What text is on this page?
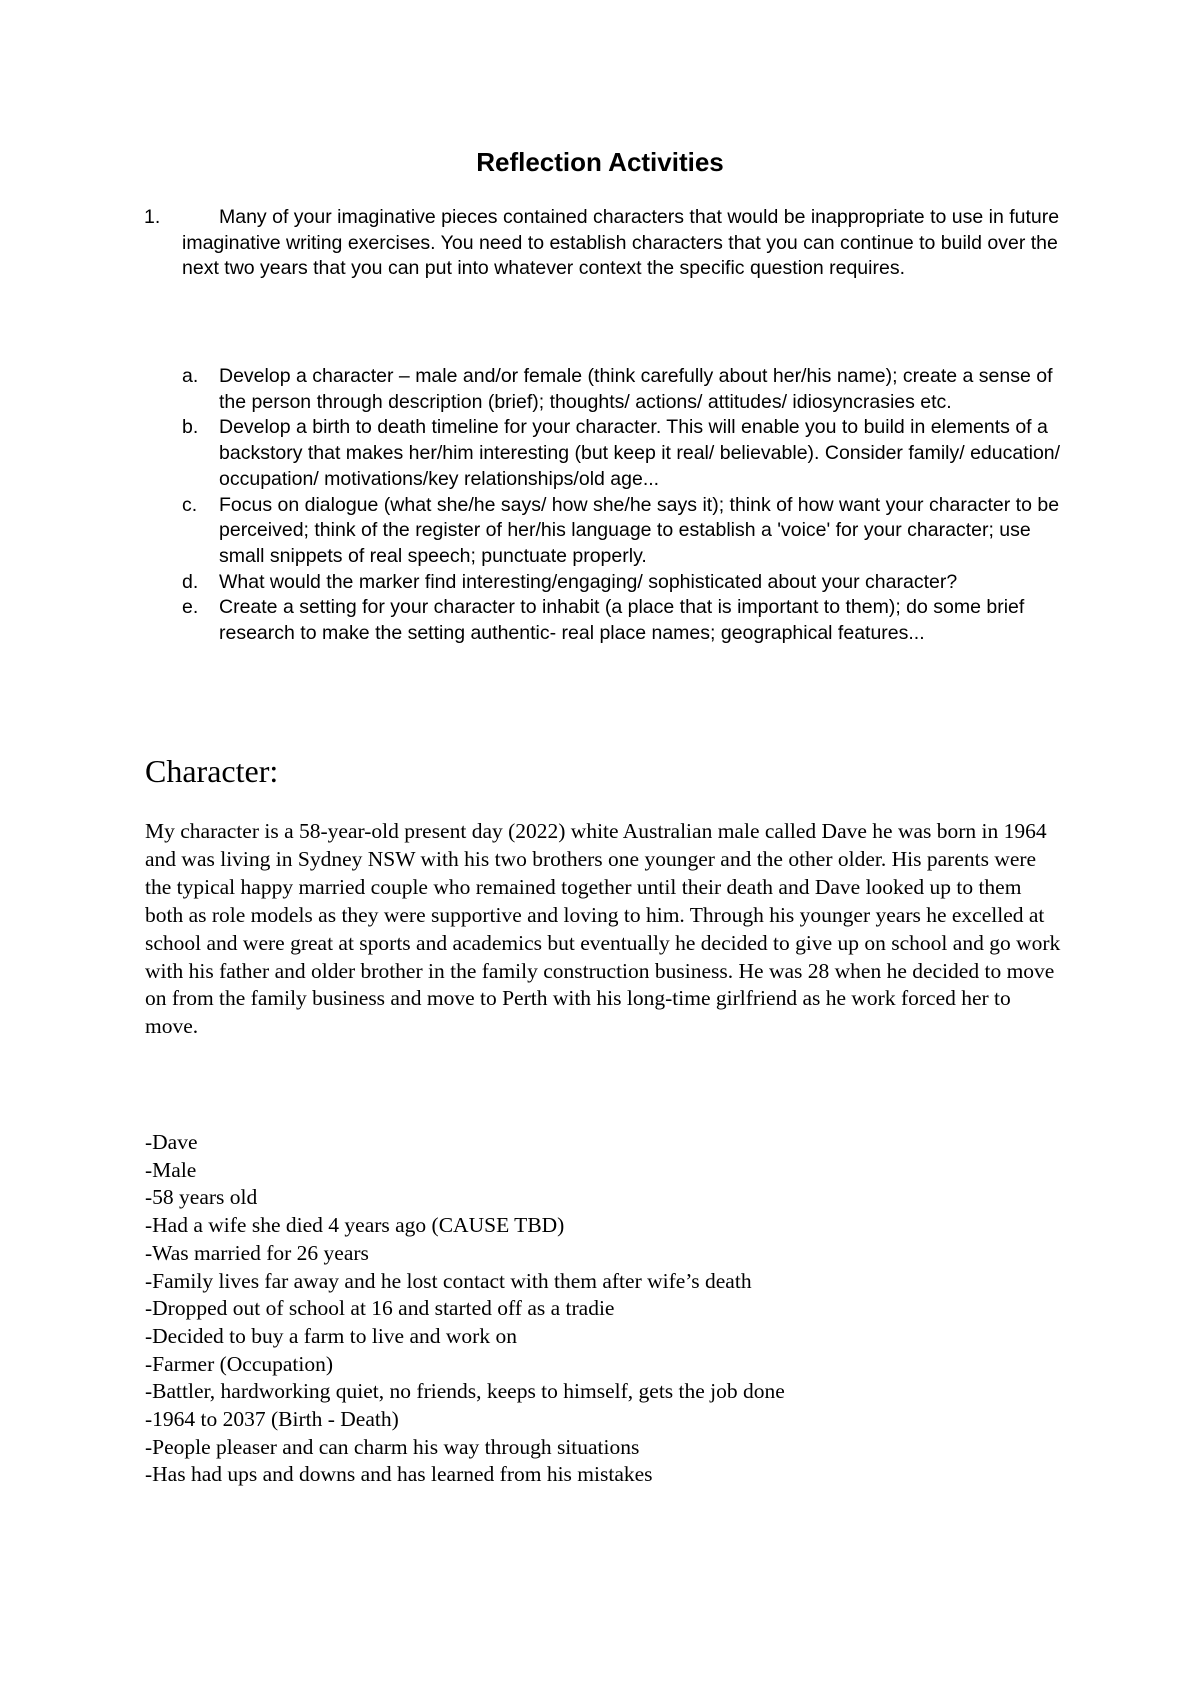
Reflection Activities
1.	Many of your imaginative pieces contained characters that would be inappropriate to use in future imaginative writing exercises. You need to establish characters that you can continue to build over the next two years that you can put into whatever context the specific question requires.
a. Develop a character – male and/or female (think carefully about her/his name); create a sense of the person through description (brief); thoughts/ actions/ attitudes/ idiosyncrasies etc.
b. Develop a birth to death timeline for your character. This will enable you to build in elements of a backstory that makes her/him interesting (but keep it real/ believable). Consider family/ education/ occupation/ motivations/key relationships/old age...
c. Focus on dialogue (what she/he says/ how she/he says it); think of how want your character to be perceived; think of the register of her/his language to establish a 'voice' for your character; use small snippets of real speech; punctuate properly.
d. What would the marker find interesting/engaging/ sophisticated about your character?
e. Create a setting for your character to inhabit (a place that is important to them); do some brief research to make the setting authentic- real place names; geographical features...
Character:

My character is a 58-year-old present day (2022) white Australian male called Dave he was born in 1964 and was living in Sydney NSW with his two brothers one younger and the other older. His parents were the typical happy married couple who remained together until their death and Dave looked up to them both as role models as they were supportive and loving to him. Through his younger years he excelled at school and were great at sports and academics but eventually he decided to give up on school and go work with his father and older brother in the family construction business. He was 28 when he decided to move on from the family business and move to Perth with his long-time girlfriend as he work forced her to move.

-Dave
-Male
-58 years old
-Had a wife she died 4 years ago (CAUSE TBD)
-Was married for 26 years
-Family lives far away and he lost contact with them after wife’s death
-Dropped out of school at 16 and started off as a tradie
-Decided to buy a farm to live and work on
-Farmer (Occupation)
-Battler, hardworking quiet, no friends, keeps to himself, gets the job done
-1964 to 2037 (Birth - Death)
-People pleaser and can charm his way through situations
-Has had ups and downs and has learned from his mistakes
